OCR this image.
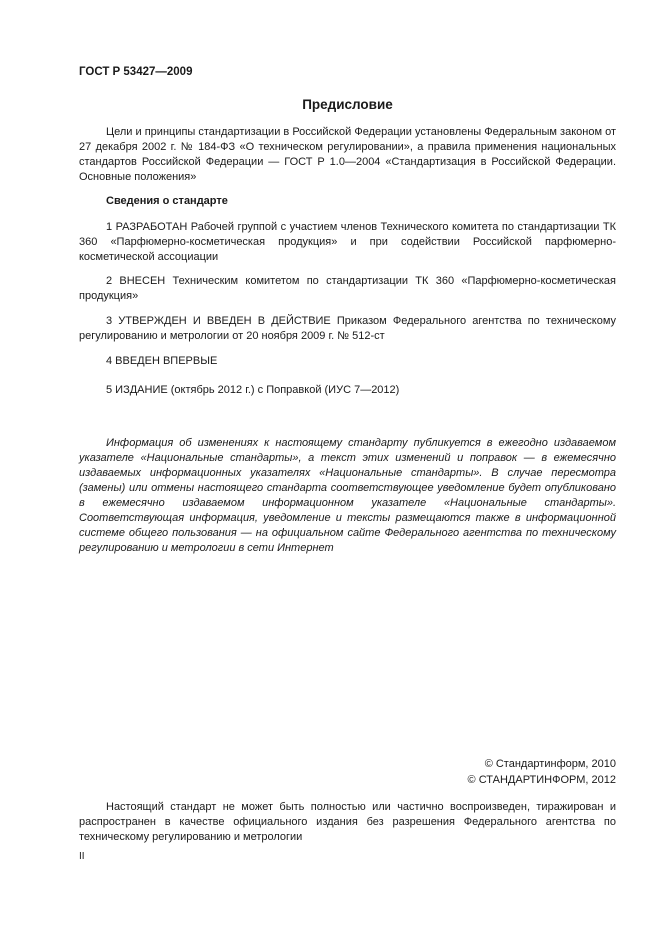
ГОСТ Р 53427—2009
Предисловие

Цели и принципы стандартизации в Российской Федерации установлены Федеральным законом от 27 декабря 2002 г. № 184-ФЗ «О техническом регулировании», а правила применения национальных стандартов Российской Федерации — ГОСТ Р 1.0—2004 «Стандартизация в Российской Федерации. Основные положения»

Сведения о стандарте

1 РАЗРАБОТАН Рабочей группой с участием членов Технического комитета по стандартизации ТК 360 «Парфюмерно-косметическая продукция» и при содействии Российской парфюмерно-косметической ассоциации

2 ВНЕСЕН Техническим комитетом по стандартизации ТК 360 «Парфюмерно-косметическая продукция»

3 УТВЕРЖДЕН И ВВЕДЕН В ДЕЙСТВИЕ Приказом Федерального агентства по техническому регулированию и метрологии от 20 ноября 2009 г. № 512-ст

4 ВВЕДЕН ВПЕРВЫЕ

5 ИЗДАНИЕ (октябрь 2012 г.) с Поправкой (ИУС 7—2012)

Информация об изменениях к настоящему стандарту публикуется в ежегодно издаваемом указателе «Национальные стандарты», а текст этих изменений и поправок — в ежемесячно издаваемых информационных указателях «Национальные стандарты». В случае пересмотра (замены) или отмены настоящего стандарта соответствующее уведомление будет опубликовано в ежемесячно издаваемом информационном указателе «Национальные стандарты». Соответствующая информация, уведомление и тексты размещаются также в информационной системе общего пользования — на официальном сайте Федерального агентства по техническому регулированию и метрологии в сети Интернет

© Стандартинформ, 2010
© СТАНДАРТИНФОРМ, 2012

Настоящий стандарт не может быть полностью или частично воспроизведен, тиражирован и распространен в качестве официального издания без разрешения Федерального агентства по техническому регулированию и метрологии

II
